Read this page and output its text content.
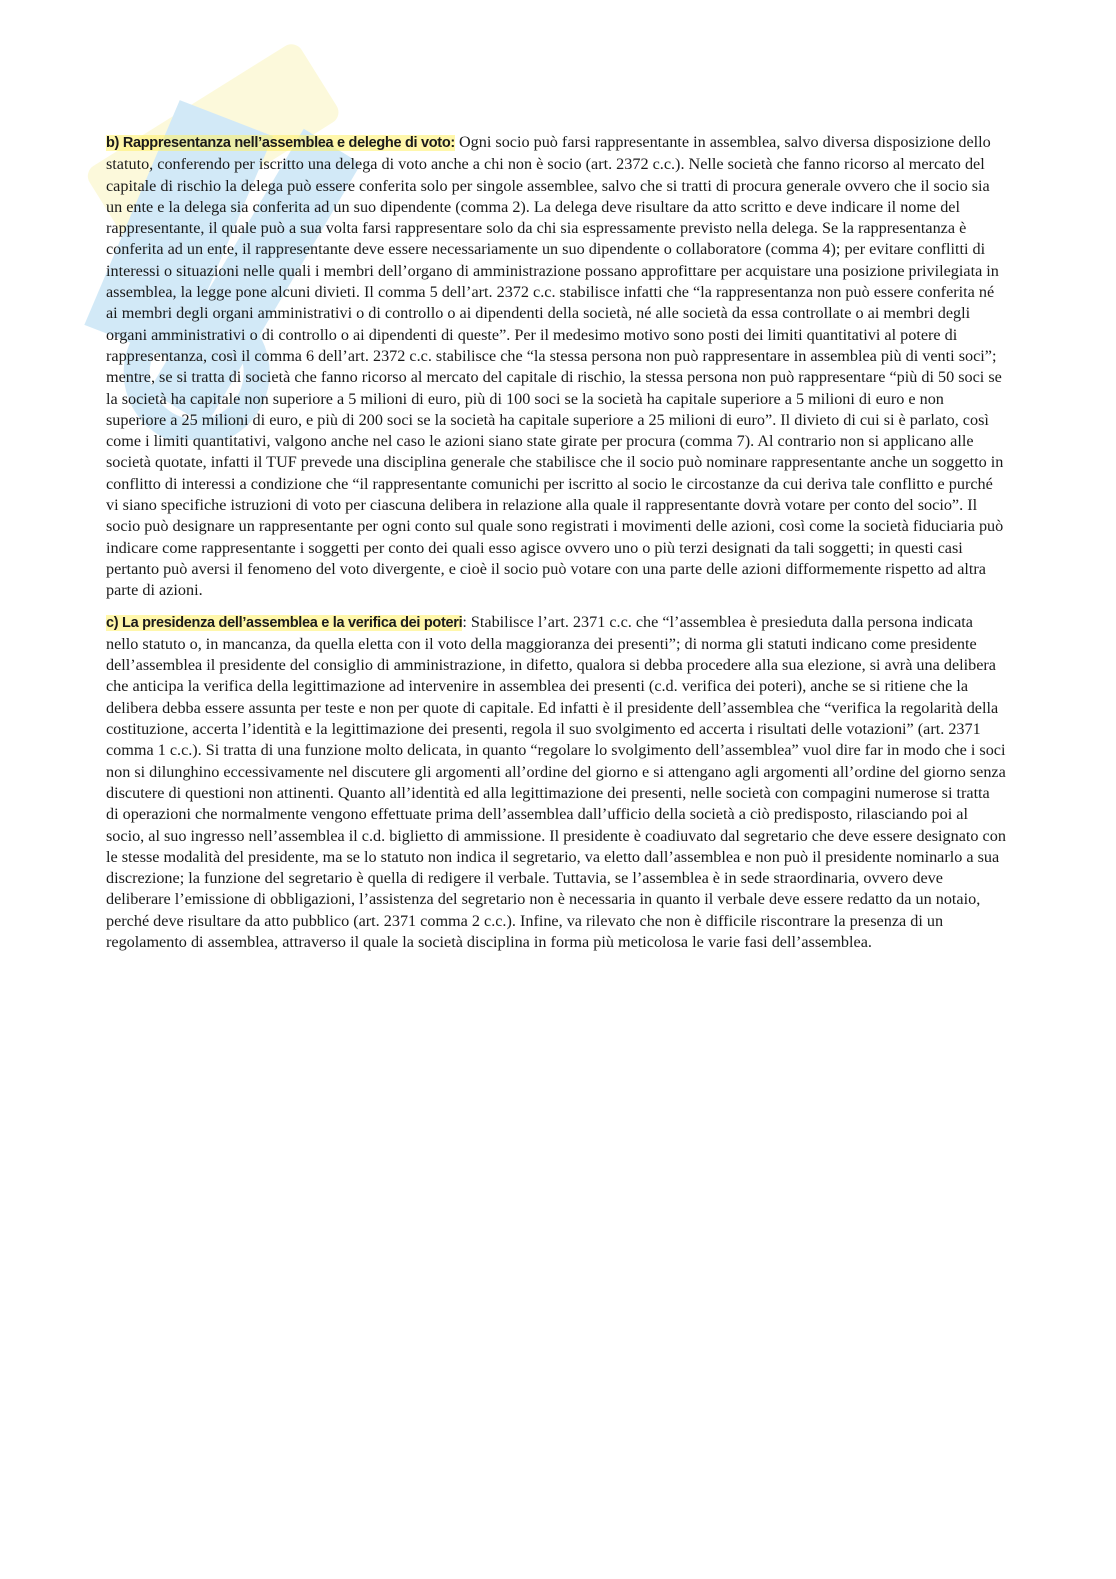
b) Rappresentanza nell’assemblea e deleghe di voto: Ogni socio può farsi rappresentante in assemblea, salvo diversa disposizione dello statuto, conferendo per iscritto una delega di voto anche a chi non è socio (art. 2372 c.c.). Nelle società che fanno ricorso al mercato del capitale di rischio la delega può essere conferita solo per singole assemblee, salvo che si tratti di procura generale ovvero che il socio sia un ente e la delega sia conferita ad un suo dipendente (comma 2). La delega deve risultare da atto scritto e deve indicare il nome del rappresentante, il quale può a sua volta farsi rappresentare solo da chi sia espressamente previsto nella delega. Se la rappresentanza è conferita ad un ente, il rappresentante deve essere necessariamente un suo dipendente o collaboratore (comma 4); per evitare conflitti di interessi o situazioni nelle quali i membri dell’organo di amministrazione possano approfittare per acquistare una posizione privilegiata in assemblea, la legge pone alcuni divieti. Il comma 5 dell’art. 2372 c.c. stabilisce infatti che “la rappresentanza non può essere conferita né ai membri degli organi amministrativi o di controllo o ai dipendenti della società, né alle società da essa controllate o ai membri degli organi amministrativi o di controllo o ai dipendenti di queste”. Per il medesimo motivo sono posti dei limiti quantitativi al potere di rappresentanza, così il comma 6 dell’art. 2372 c.c. stabilisce che “la stessa persona non può rappresentare in assemblea più di venti soci”; mentre, se si tratta di società che fanno ricorso al mercato del capitale di rischio, la stessa persona non può rappresentare “più di 50 soci se la società ha capitale non superiore a 5 milioni di euro, più di 100 soci se la società ha capitale superiore a 5 milioni di euro e non superiore a 25 milioni di euro, e più di 200 soci se la società ha capitale superiore a 25 milioni di euro”. Il divieto di cui si è parlato, così come i limiti quantitativi, valgono anche nel caso le azioni siano state girate per procura (comma 7). Al contrario non si applicano alle società quotate, infatti il TUF prevede una disciplina generale che stabilisce che il socio può nominare rappresentante anche un soggetto in conflitto di interessi a condizione che “il rappresentante comunichi per iscritto al socio le circostanze da cui deriva tale conflitto e purché vi siano specifiche istruzioni di voto per ciascuna delibera in relazione alla quale il rappresentante dovrà votare per conto del socio”. Il socio può designare un rappresentante per ogni conto sul quale sono registrati i movimenti delle azioni, così come la società fiduciaria può indicare come rappresentante i soggetti per conto dei quali esso agisce ovvero uno o più terzi designati da tali soggetti; in questi casi pertanto può aversi il fenomeno del voto divergente, e cioè il socio può votare con una parte delle azioni difformemente rispetto ad altra parte di azioni.

c) La presidenza dell’assemblea e la verifica dei poteri: Stabilisce l’art. 2371 c.c. che “l’assemblea è presieduta dalla persona indicata nello statuto o, in mancanza, da quella eletta con il voto della maggioranza dei presenti”; di norma gli statuti indicano come presidente dell’assemblea il presidente del consiglio di amministrazione, in difetto, qualora si debba procedere alla sua elezione, si avrà una delibera che anticipa la verifica della legittimazione ad intervenire in assemblea dei presenti (c.d. verifica dei poteri), anche se si ritiene che la delibera debba essere assunta per teste e non per quote di capitale. Ed infatti è il presidente dell’assemblea che “verifica la regolarità della costituzione, accerta l’identità e la legittimazione dei presenti, regola il suo svolgimento ed accerta i risultati delle votazioni” (art. 2371 comma 1 c.c.). Si tratta di una funzione molto delicata, in quanto “regolare lo svolgimento dell’assemblea” vuol dire far in modo che i soci non si dilunghino eccessivamente nel discutere gli argomenti all’ordine del giorno e si attengano agli argomenti all’ordine del giorno senza discutere di questioni non attinenti. Quanto all’identità ed alla legittimazione dei presenti, nelle società con compagini numerose si tratta di operazioni che normalmente vengono effettuate prima dell’assemblea dall’ufficio della società a ciò predisposto, rilasciando poi al socio, al suo ingresso nell’assemblea il c.d. biglietto di ammissione. Il presidente è coadiuvato dal segretario che deve essere designato con le stesse modalità del presidente, ma se lo statuto non indica il segretario, va eletto dall’assemblea e non può il presidente nominarlo a sua discrezione; la funzione del segretario è quella di redigere il verbale. Tuttavia, se l’assemblea è in sede straordinaria, ovvero deve deliberare l’emissione di obbligazioni, l’assistenza del segretario non è necessaria in quanto il verbale deve essere redatto da un notaio, perché deve risultare da atto pubblico (art. 2371 comma 2 c.c.). Infine, va rilevato che non è difficile riscontrare la presenza di un regolamento di assemblea, attraverso il quale la società disciplina in forma più meticolosa le varie fasi dell’assemblea.
